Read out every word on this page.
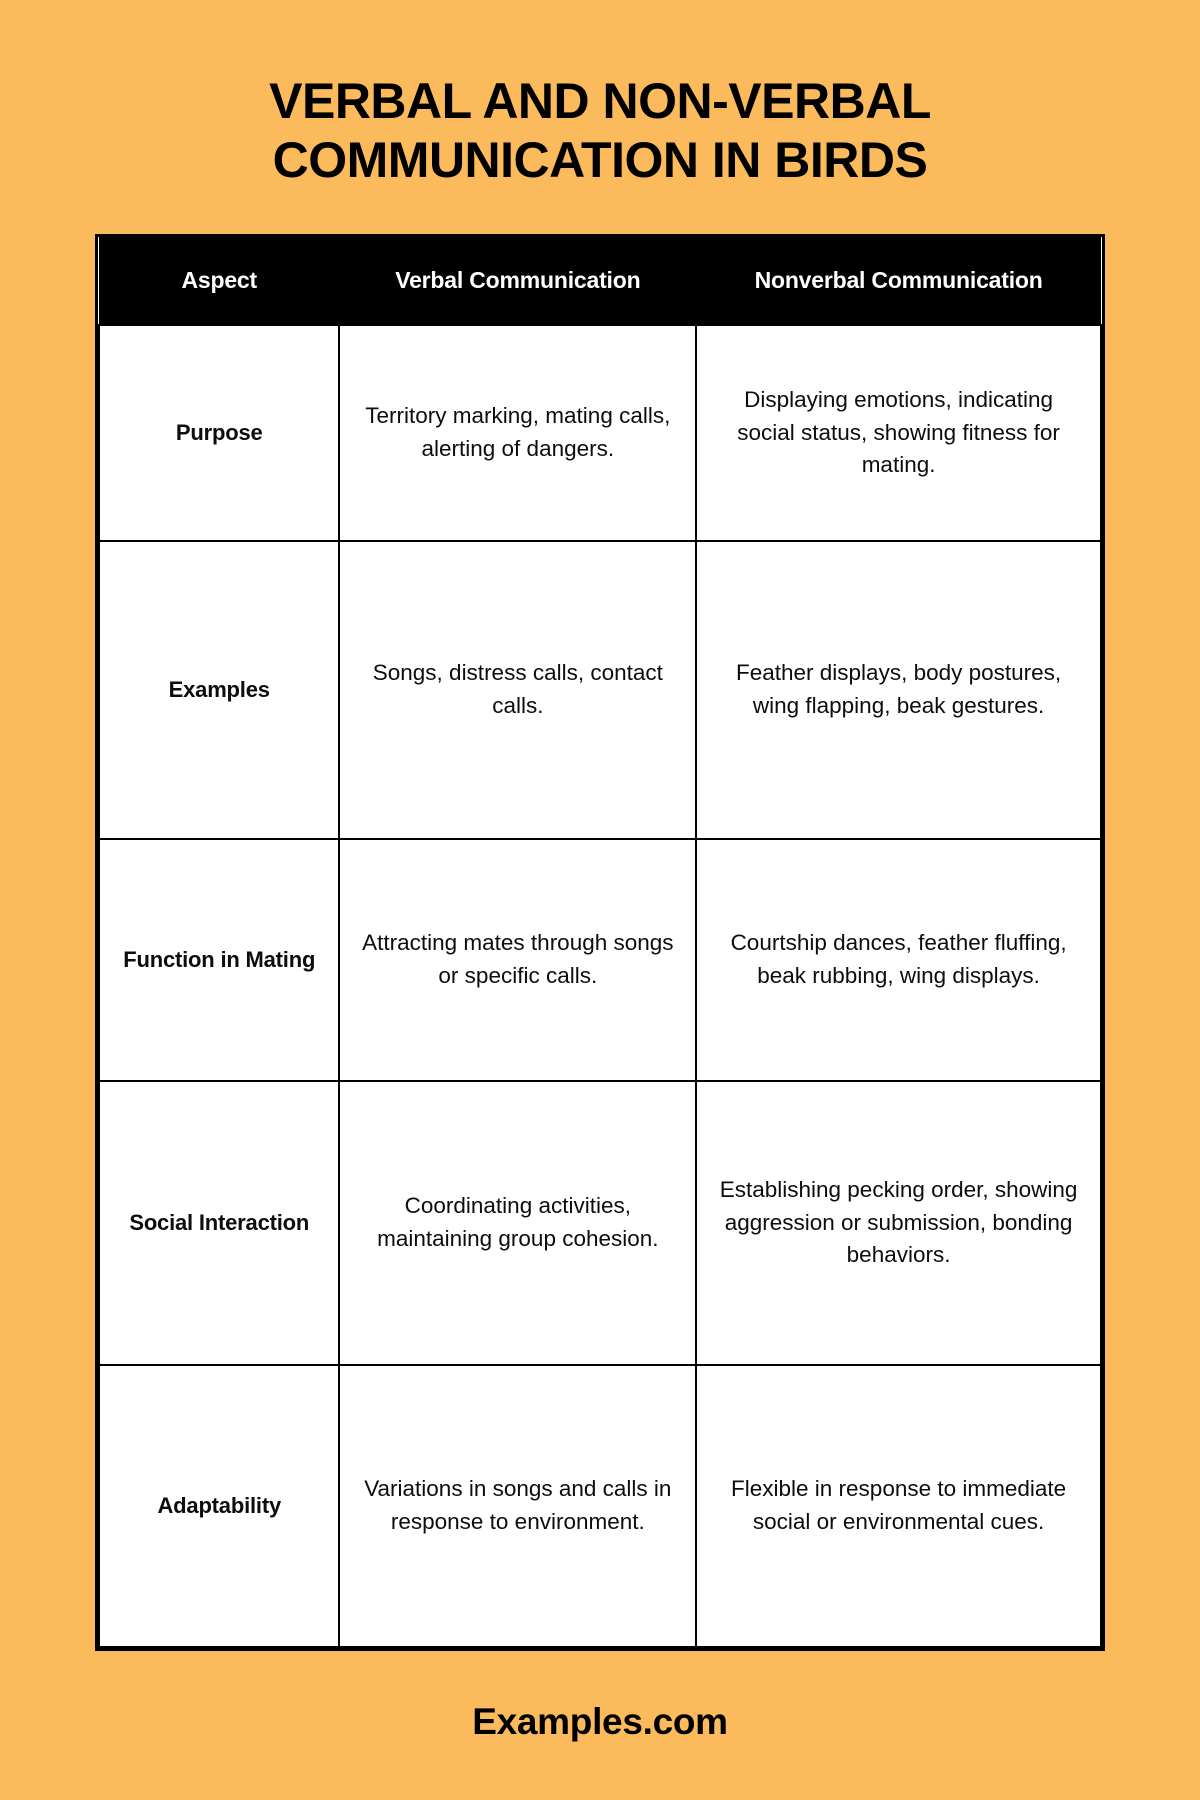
VERBAL AND NON-VERBAL
COMMUNICATION IN BIRDS
Aspect	Verbal Communication	Nonverbal Communication
Purpose	Territory marking, mating calls, alerting of dangers.	Displaying emotions, indicating social status, showing fitness for mating.
Examples	Songs, distress calls, contact calls.	Feather displays, body postures, wing flapping, beak gestures.
Function in Mating	Attracting mates through songs or specific calls.	Courtship dances, feather fluffing, beak rubbing, wing displays.
Social Interaction	Coordinating activities, maintaining group cohesion.	Establishing pecking order, showing aggression or submission, bonding behaviors.
Adaptability	Variations in songs and calls in response to environment.	Flexible in response to immediate social or environmental cues.
Examples.com
